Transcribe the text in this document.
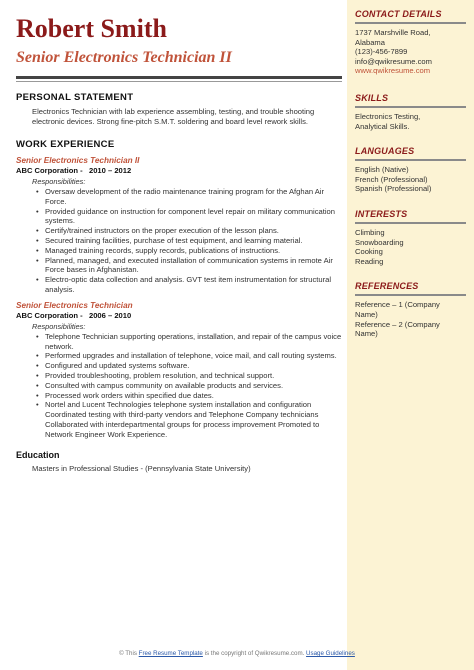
Robert Smith
Senior Electronics Technician II
PERSONAL STATEMENT
Electronics Technician with lab experience assembling, testing, and trouble shooting electronic devices. Strong fine-pitch S.M.T. soldering and board level rework skills.
WORK EXPERIENCE
Senior Electronics Technician II
ABC Corporation -   2010 – 2012
Responsibilities:
• Oversaw development of the radio maintenance training program for the Afghan Air Force.
• Provided guidance on instruction for component level repair on military communication systems.
• Certify/trained instructors on the proper execution of the lesson plans.
• Secured training facilities, purchase of test equipment, and learning material.
• Managed training records, supply records, publications of instructions.
• Planned, managed, and executed installation of communication systems in remote Air Force bases in Afghanistan.
• Electro-optic data collection and analysis. GVT test item instrumentation for structural analysis.
Senior Electronics Technician
ABC Corporation -   2006 – 2010
Responsibilities:
• Telephone Technician supporting operations, installation, and repair of the campus voice network.
• Performed upgrades and installation of telephone, voice mail, and call routing systems.
• Configured and updated systems software.
• Provided troubleshooting, problem resolution, and technical support.
• Consulted with campus community on available products and services.
• Processed work orders within specified due dates.
• Nortel and Lucent Technologies telephone system installation and configuration Coordinated testing with third-party vendors and Telephone Company technicians Collaborated with interdepartmental groups for process improvement Promoted to Network Engineer Work Experience.
Education
Masters in Professional Studies - (Pennsylvania State University)
CONTACT DETAILS
1737 Marshville Road,
Alabama
(123)-456-7899
info@qwikresume.com
www.qwikresume.com
SKILLS
Electronics Testing,
Analytical Skills.
LANGUAGES
English (Native)
French (Professional)
Spanish (Professional)
INTERESTS
Climbing
Snowboarding
Cooking
Reading
REFERENCES
Reference – 1 (Company
Name)
Reference – 2 (Company
Name)
© This Free Resume Template is the copyright of Qwikresume.com. Usage Guidelines
